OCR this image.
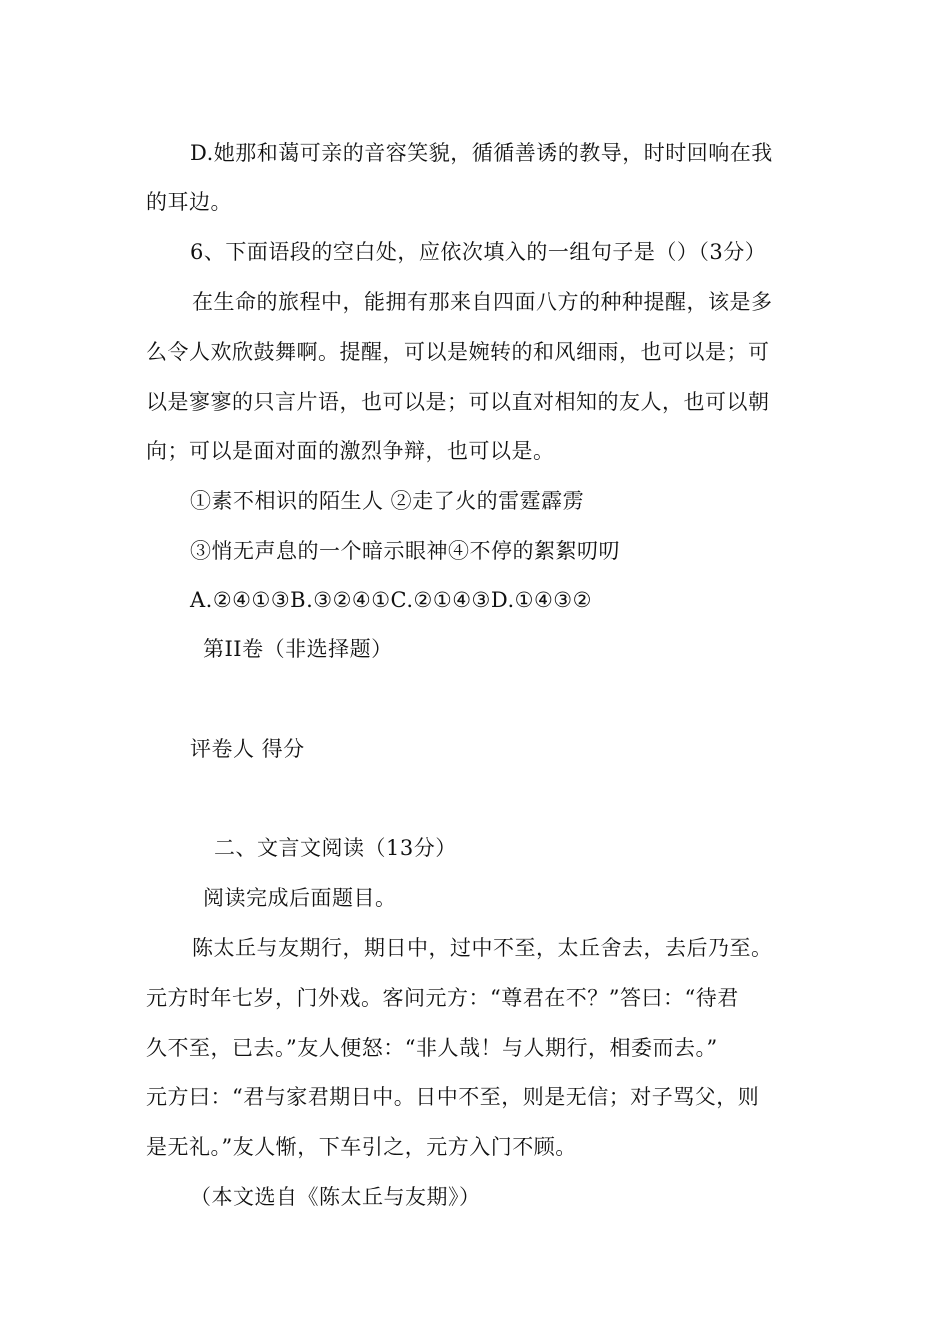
D.她那和蔼可亲的音容笑貌，循循善诱的教导，时时回响在我
的耳边。
6、下面语段的空白处，应依次填入的一组句子是（）（3分）
在生命的旅程中，能拥有那来自四面八方的种种提醒，该是多
么令人欢欣鼓舞啊。提醒，可以是婉转的和风细雨，也可以是；可
以是寥寥的只言片语，也可以是；可以直对相知的友人，也可以朝
向；可以是面对面的激烈争辩，也可以是。
①素不相识的陌生人 ②走了火的雷霆霹雳
③悄无声息的一个暗示眼神④不停的絮絮叨叨
A.②④①③B.③②④①C.②①④③D.①④③②
第II卷（非选择题）
评卷人 得分
二、文言文阅读（13分）
阅读完成后面题目。
陈太丘与友期行，期日中，过中不至，太丘舍去，去后乃至。
元方时年七岁，门外戏。客问元方：“尊君在不？”答曰：“待君
久不至，已去。”友人便怒：“非人哉！与人期行，相委而去。”
元方曰：“君与家君期日中。日中不至，则是无信；对子骂父，则
是无礼。”友人惭，下车引之，元方入门不顾。
（本文选自《陈太丘与友期》）
